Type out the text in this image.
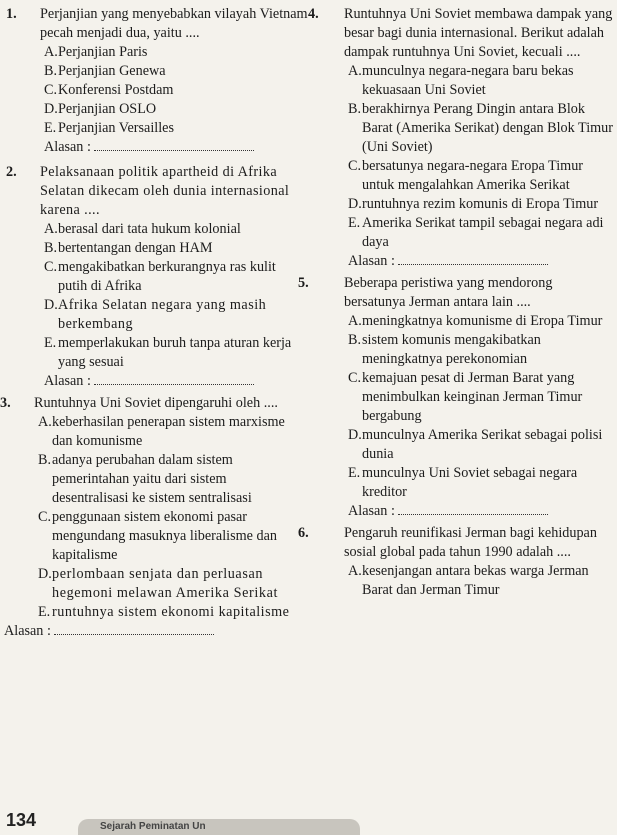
1. Perjanjian yang menyebabkan vilayah Vietnam pecah menjadi dua, yaitu ....

A. Perjanjian Paris
B. Perjanjian Genewa
C. Konferensi Postdam
D. Perjanjian OSLO
E. Perjanjian Versailles

Alasan :

2. Pelaksanaan politik apartheid di Afrika Selatan dikecam oleh dunia internasional karena ....

A. berasal dari tata hukum kolonial
B. bertentangan dengan HAM
C. mengakibatkan berkurangnya ras kulit putih di Afrika
D. Afrika Selatan negara yang masih berkembang
E. memperlakukan buruh tanpa aturan kerja yang sesuai

Alasan :

3. Runtuhnya Uni Soviet dipengaruhi oleh ....

A. keberhasilan penerapan sistem marxisme dan komunisme
B. adanya perubahan dalam sistem pemerintahan yaitu dari sistem desentralisasi ke sistem sentralisasi
C. penggunaan sistem ekonomi pasar mengundang masuknya liberalisme dan kapitalisme
D. perlombaan senjata dan perluasan hegemoni melawan Amerika Serikat
E. runtuhnya sistem ekonomi kapitalisme

Alasan :

4. Runtuhnya Uni Soviet membawa dampak yang besar bagi dunia internasional. Berikut adalah dampak runtuhnya Uni Soviet, kecuali ....

A. munculnya negara-negara baru bekas kekuasaan Uni Soviet
B. berakhirnya Perang Dingin antara Blok Barat (Amerika Serikat) dengan Blok Timur (Uni Soviet)
C. bersatunya negara-negara Eropa Timur untuk mengalahkan Amerika Serikat
D. runtuhnya rezim komunis di Eropa Timur
E. Amerika Serikat tampil sebagai negara adi daya

Alasan :

5. Beberapa peristiwa yang mendorong bersatunya Jerman antara lain ....

A. meningkatnya komunisme di Eropa Timur
B. sistem komunis mengakibatkan meningkatnya perekonomian
C. kemajuan pesat di Jerman Barat yang menimbulkan keinginan Jerman Timur bergabung
D. munculnya Amerika Serikat sebagai polisi dunia
E. munculnya Uni Soviet sebagai negara kreditor

Alasan :

6. Pengaruh reunifikasi Jerman bagi kehidupan sosial global pada tahun 1990 adalah ....

A. kesenjangan antara bekas warga Jerman Barat dan Jerman Timur
134	Sejarah Peminatan Un
